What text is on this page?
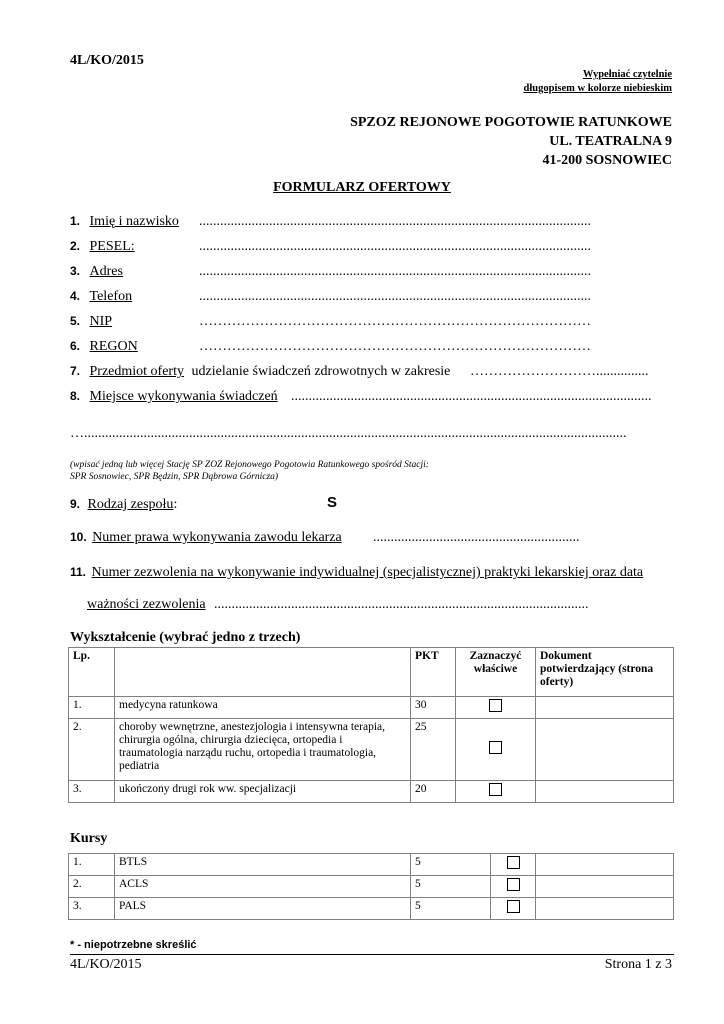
4L/KO/2015
Wypełniać czytelnie
długopisem w kolorze niebieskim
SPZOZ REJONOWE POGOTOWIE RATUNKOWE
UL. TEATRALNA 9
41-200 SOSNOWIEC
FORMULARZ OFERTOWY
1. Imię i nazwisko ................................................................................................................
2. PESEL:	................................................................................................................
3. Adres	................................................................................................................
4. Telefon	................................................................................................................
5. NIP	…………………………………………………………………………
6. REGON	…………………………………………………………………………
7. Przedmiot oferty udzielanie świadczeń zdrowotnych w zakresie ………………………...............
8. Miejsce wykonywania świadczeń .......................................................................................................
…...........................................................................................................................................................
(wpisać jedną lub więcej Stację SP ZOZ Rejonowego Pogotowia Ratunkowego spośród Stacji:
SPR Sosnowiec, SPR Będzin, SPR Dąbrowa Górnicza)
9. Rodzaj zespołu:	S
10. Numer prawa wykonywania zawodu lekarza ...........................................................
11. Numer zezwolenia na wykonywanie indywidualnej (specjalistycznej) praktyki lekarskiej oraz data
ważności zezwolenia ...........................................................................................................
Wykształcenie (wybrać jedno z trzech)
Lp.		PKT	Zaznaczyć właściwe	Dokument potwierdzający (strona oferty)
1.	medycyna ratunkowa	30		
2.	choroby wewnętrzne, anestezjologia i intensywna terapia, chirurgia ogólna, chirurgia dziecięca, ortopedia i traumatologia narządu ruchu, ortopedia i traumatologia, pediatria	25		
3.	ukończony drugi rok ww. specjalizacji	20		
Kursy
1.	BTLS	5		
2.	ACLS	5		
3.	PALS	5		
* - niepotrzebne skreślić
4L/KO/2015	Strona 1 z 3
